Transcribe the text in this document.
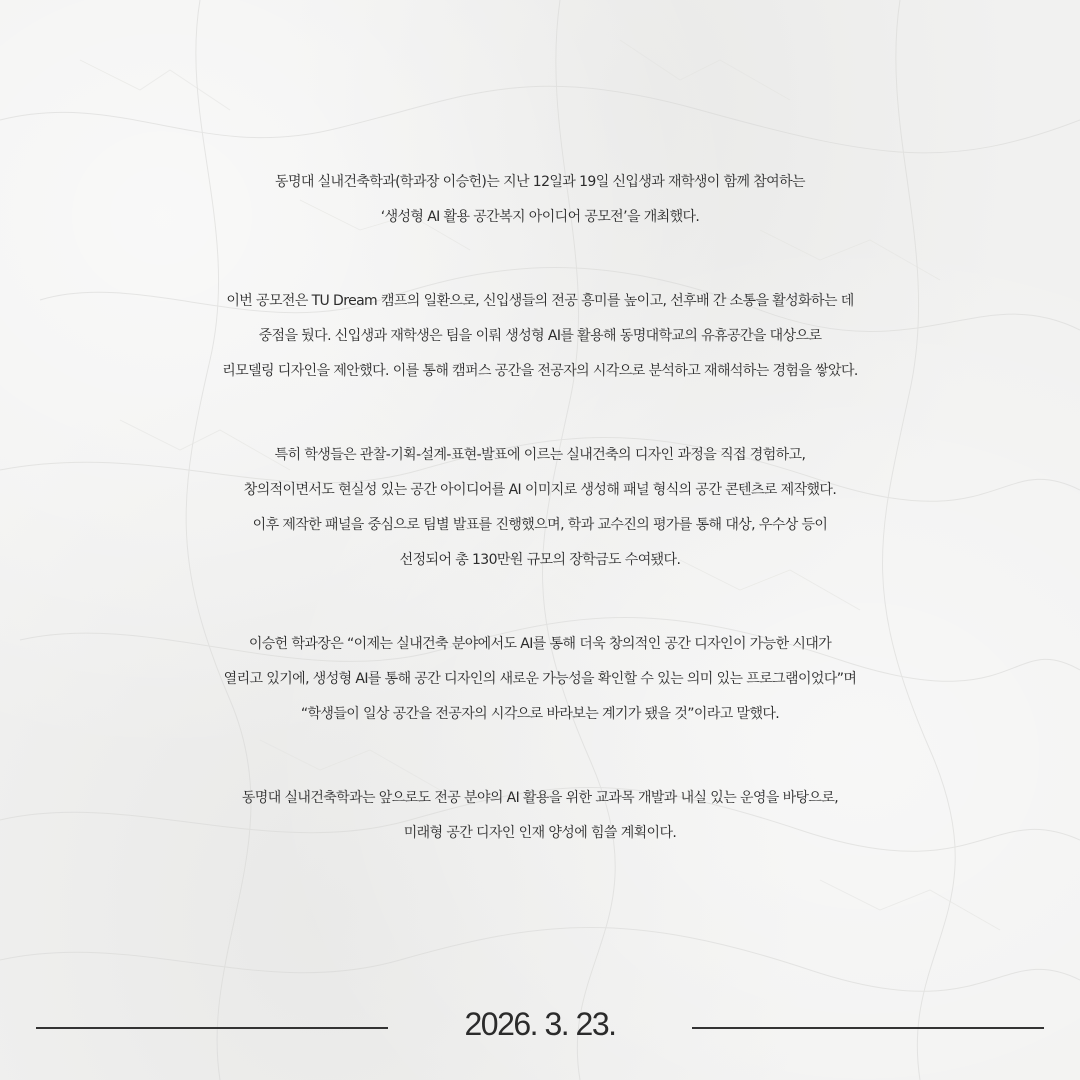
동명대 실내건축학과(학과장 이승헌)는 지난 12일과 19일 신입생과 재학생이 함께 참여하는
‘생성형 AI 활용 공간복지 아이디어 공모전’을 개최했다.

이번 공모전은 TU Dream 캠프의 일환으로, 신입생들의 전공 흥미를 높이고, 선후배 간 소통을 활성화하는 데
중점을 뒀다. 신입생과 재학생은 팀을 이뤄 생성형 AI를 활용해 동명대학교의 유휴공간을 대상으로
리모델링 디자인을 제안했다. 이를 통해 캠퍼스 공간을 전공자의 시각으로 분석하고 재해석하는 경험을 쌓았다.

특히 학생들은 관찰-기획-설계-표현-발표에 이르는 실내건축의 디자인 과정을 직접 경험하고,
창의적이면서도 현실성 있는 공간 아이디어를 AI 이미지로 생성해 패널 형식의 공간 콘텐츠로 제작했다.
이후 제작한 패널을 중심으로 팀별 발표를 진행했으며, 학과 교수진의 평가를 통해 대상, 우수상 등이
선정되어 총 130만원 규모의 장학금도 수여됐다.

이승헌 학과장은 “이제는 실내건축 분야에서도 AI를 통해 더욱 창의적인 공간 디자인이 가능한 시대가
열리고 있기에, 생성형 AI를 통해 공간 디자인의 새로운 가능성을 확인할 수 있는 의미 있는 프로그램이었다”며
“학생들이 일상 공간을 전공자의 시각으로 바라보는 계기가 됐을 것”이라고 말했다.

동명대 실내건축학과는 앞으로도 전공 분야의 AI 활용을 위한 교과목 개발과 내실 있는 운영을 바탕으로,
미래형 공간 디자인 인재 양성에 힘쓸 계획이다.

2026. 3. 23.
